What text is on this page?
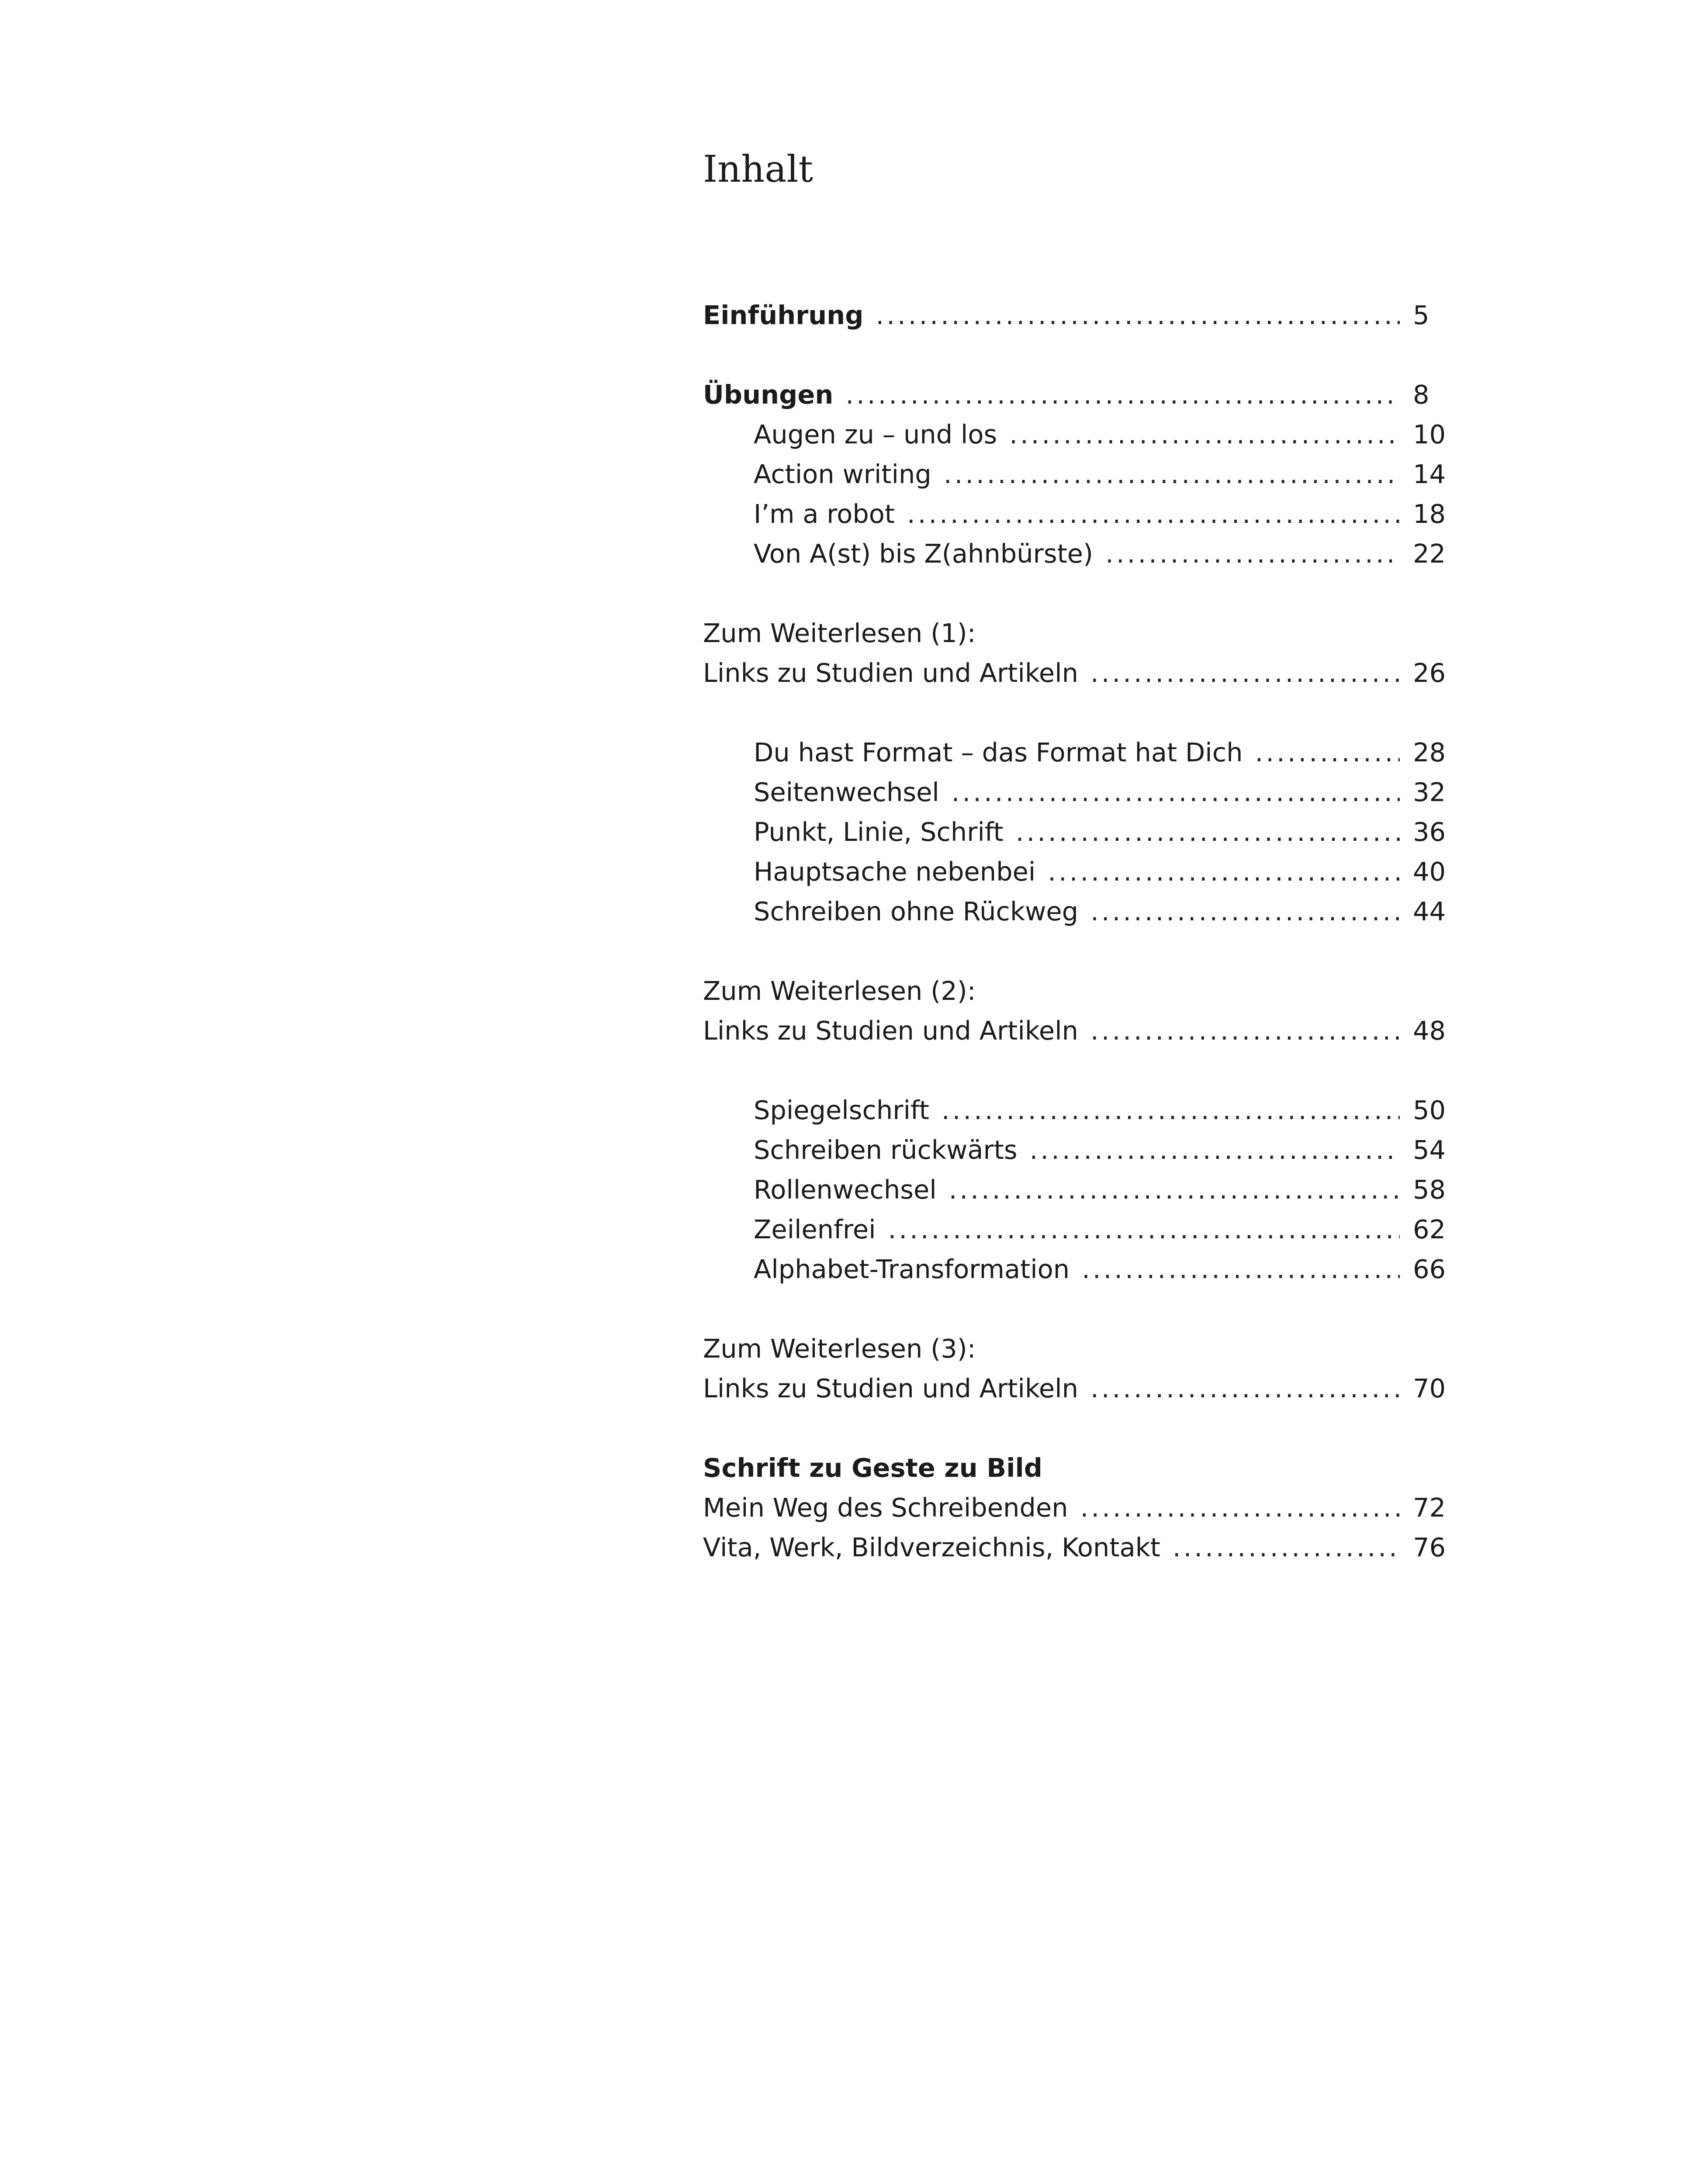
Inhalt
Einführung .....	5
Übungen .....	8
Augen zu – und los .....	10
Action writing .....	14
I’m a robot .....	18
Von A(st) bis Z(ahnbürste) .....	22
Zum Weiterlesen (1):
Links zu Studien und Artikeln .....	26
Du hast Format – das Format hat Dich .....	28
Seitenwechsel .....	32
Punkt, Linie, Schrift .....	36
Hauptsache nebenbei .....	40
Schreiben ohne Rückweg .....	44
Zum Weiterlesen (2):
Links zu Studien und Artikeln .....	48
Spiegelschrift .....	50
Schreiben rückwärts .....	54
Rollenwechsel .....	58
Zeilenfrei .....	62
Alphabet-Transformation .....	66
Zum Weiterlesen (3):
Links zu Studien und Artikeln .....	70
Schrift zu Geste zu Bild
Mein Weg des Schreibenden .....	72
Vita, Werk, Bildverzeichnis, Kontakt .....	76
